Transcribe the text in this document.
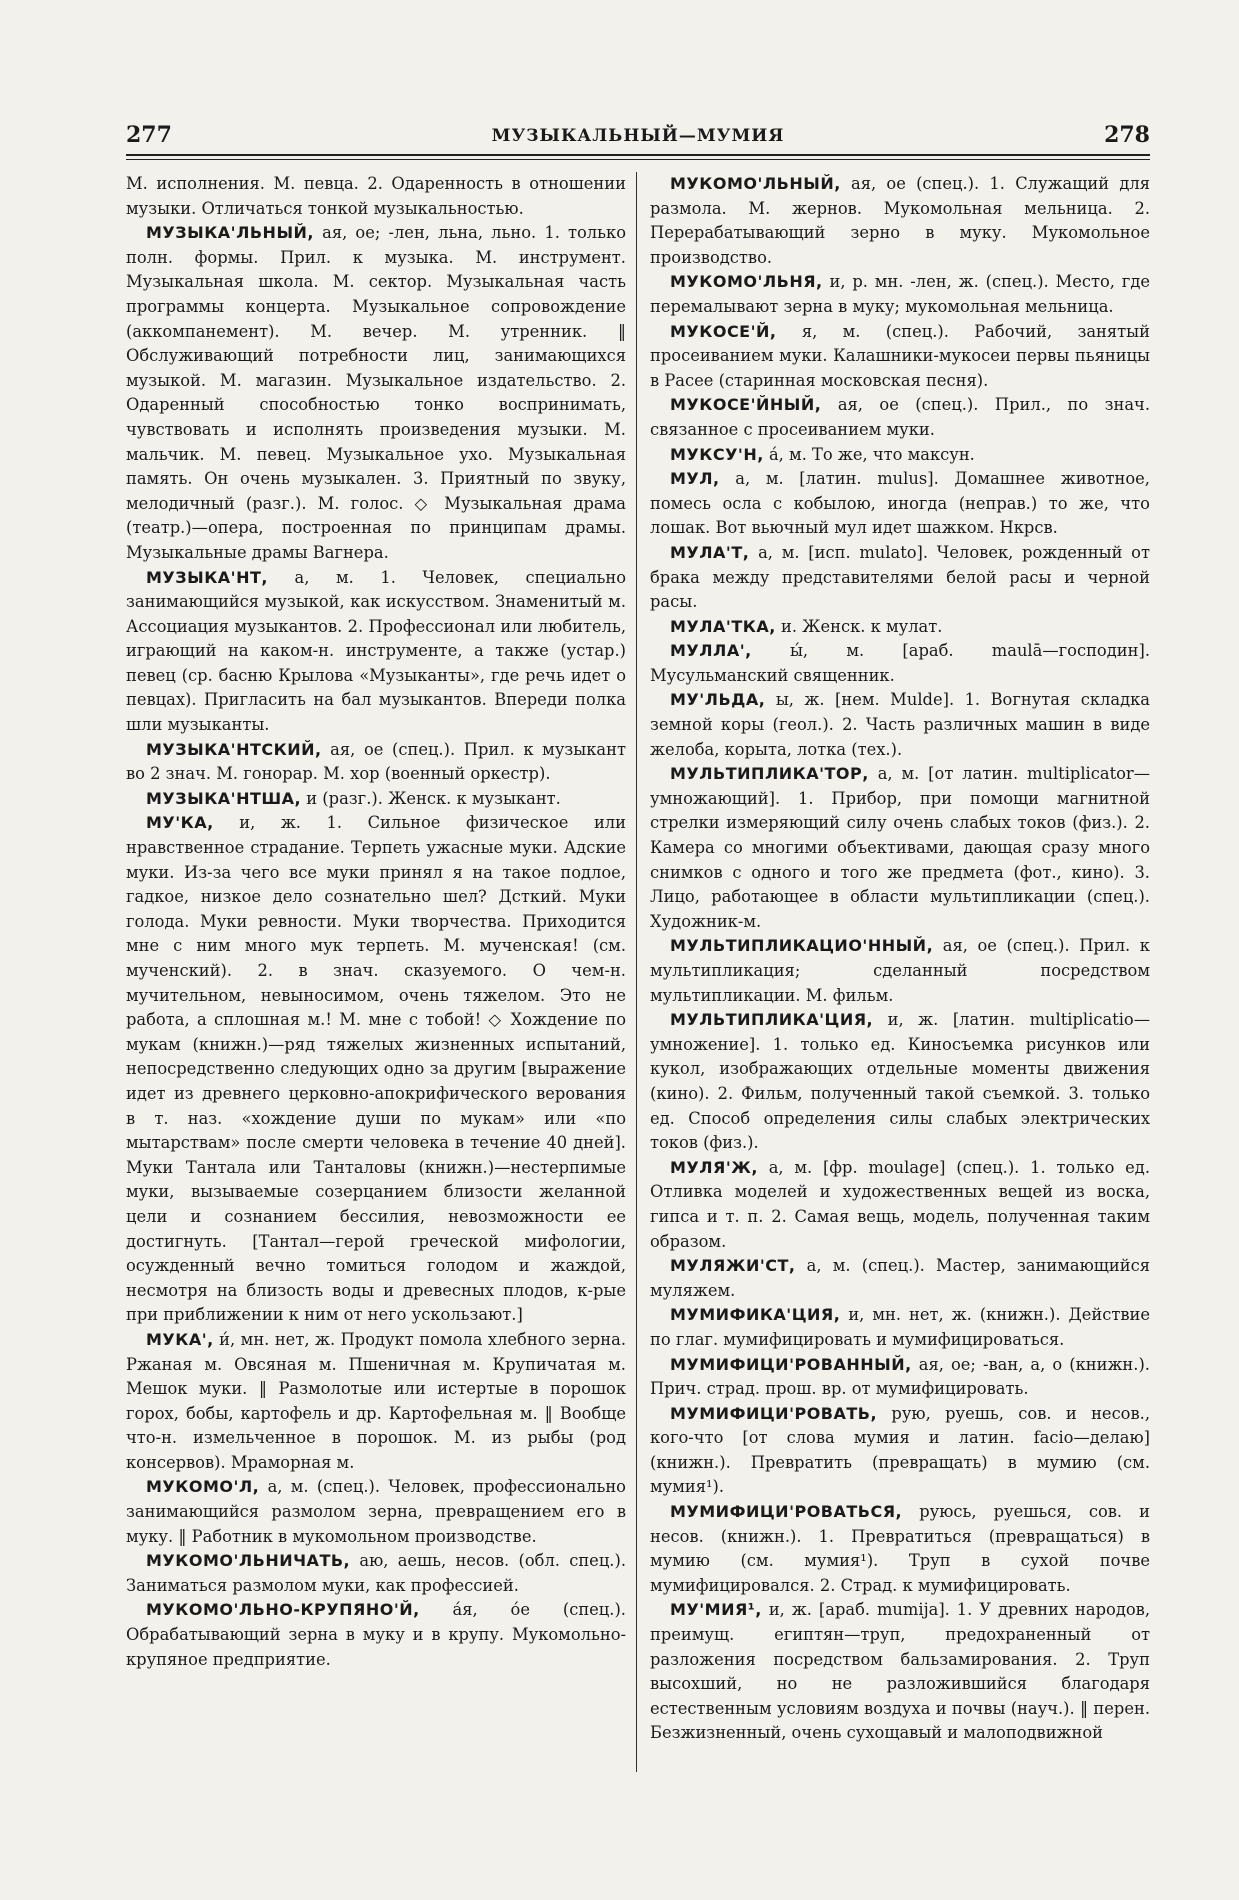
277	МУЗЫКАЛЬНЫЙ—МУМИЯ	278

М. исполнения. М. певца. 2. Одаренность в отношении музыки. Отличаться тонкой музыкальностью.

МУЗЫКА'ЛЬНЫЙ, ая, ое; -лен, льна, льно. 1. только полн. формы. Прил. к музыка. М. инструмент. Музыкальная школа. М. сектор. Музыкальная часть программы концерта. Музыкальное сопровождение (аккомпанемент). М. вечер. М. утренник. ‖ Обслуживающий потребности лиц, занимающихся музыкой. М. магазин. Музыкальное издательство. 2. Одаренный способностью тонко воспринимать, чувствовать и исполнять произведения музыки. М. мальчик. М. певец. Музыкальное ухо. Музыкальная память. Он очень музыкален. 3. Приятный по звуку, мелодичный (разг.). М. голос. ◇ Музыкальная драма (театр.)—опера, построенная по принципам драмы. Музыкальные драмы Вагнера.

МУЗЫКА'НТ, а, м. 1. Человек, специально занимающийся музыкой, как искусством. Знаменитый м. Ассоциация музыкантов. 2. Профессионал или любитель, играющий на каком-н. инструменте, а также (устар.) певец (ср. басню Крылова «Музыканты», где речь идет о певцах). Пригласить на бал музыкантов. Впереди полка шли музыканты.

МУЗЫКА'НТСКИЙ, ая, ое (спец.). Прил. к музыкант во 2 знач. М. гонорар. М. хор (военный оркестр).

МУЗЫКА'НТША, и (разг.). Женск. к музыкант.

МУ'КА, и, ж. 1. Сильное физическое или нравственное страдание. Терпеть ужасные муки. Адские муки. Из-за чего все муки принял я на такое подлое, гадкое, низкое дело сознательно шел? Дсткий. Муки голода. Муки ревности. Муки творчества. Приходится мне с ним много мук терпеть. М. мученская! (см. мученский). 2. в знач. сказуемого. О чем-н. мучительном, невыносимом, очень тяжелом. Это не работа, а сплошная м.! М. мне с тобой! ◇ Хождение по мукам (книжн.)—ряд тяжелых жизненных испытаний, непосредственно следующих одно за другим [выражение идет из древнего церковно-апокрифического верования в т. наз. «хождение души по мукам» или «по мытарствам» после смерти человека в течение 40 дней]. Муки Тантала или Танталовы (книжн.)—нестерпимые муки, вызываемые созерцанием близости желанной цели и сознанием бессилия, невозможности ее достигнуть. [Тантал—герой греческой мифологии, осужденный вечно томиться голодом и жаждой, несмотря на близость воды и древесных плодов, к-рые при приближении к ним от него ускользают.]

МУКА', и́, мн. нет, ж. Продукт помола хлебного зерна. Ржаная м. Овсяная м. Пшеничная м. Крупичатая м. Мешок муки. ‖ Размолотые или истертые в порошок горох, бобы, картофель и др. Картофельная м. ‖ Вообще что-н. измельченное в порошок. М. из рыбы (род консервов). Мраморная м.

МУКОМО'Л, а, м. (спец.). Человек, профессионально занимающийся размолом зерна, превращением его в муку. ‖ Работник в мукомольном производстве.

МУКОМО'ЛЬНИЧАТЬ, аю, аешь, несов. (обл. спец.). Заниматься размолом муки, как профессией.

МУКОМО'ЛЬНО-КРУПЯНО'Й, а́я, о́е (спец.). Обрабатывающий зерна в муку и в крупу. Мукомольно-крупяное предприятие.

МУКОМО'ЛЬНЫЙ, ая, ое (спец.). 1. Служащий для размола. М. жернов. Мукомольная мельница. 2. Перерабатывающий зерно в муку. Мукомольное производство.

МУКОМО'ЛЬНЯ, и, р. мн. -лен, ж. (спец.). Место, где перемалывают зерна в муку; мукомольная мельница.

МУКОСЕ'Й, я, м. (спец.). Рабочий, занятый просеиванием муки. Калашники-мукосеи первы пьяницы в Расее (старинная московская песня).

МУКОСЕ'ЙНЫЙ, ая, ое (спец.). Прил., по знач. связанное с просеиванием муки.

МУКСУ'Н, а́, м. То же, что максун.

МУЛ, а, м. [латин. mulus]. Домашнее животное, помесь осла с кобылою, иногда (неправ.) то же, что лошак. Вот вьючный мул идет шажком. Нкрсв.

МУЛА'Т, а, м. [исп. mulato]. Человек, рожденный от брака между представителями белой расы и черной расы.

МУЛА'ТКА, и. Женск. к мулат.

МУЛЛА', ы́, м. [араб. maulā—господин]. Мусульманский священник.

МУ'ЛЬДА, ы, ж. [нем. Mulde]. 1. Вогнутая складка земной коры (геол.). 2. Часть различных машин в виде желоба, корыта, лотка (тех.).

МУЛЬТИПЛИКА'ТОР, а, м. [от латин. multiplicator—умножающий]. 1. Прибор, при помощи магнитной стрелки измеряющий силу очень слабых токов (физ.). 2. Камера со многими объективами, дающая сразу много снимков с одного и того же предмета (фот., кино). 3. Лицо, работающее в области мультипликации (спец.). Художник-м.

МУЛЬТИПЛИКАЦИО'ННЫЙ, ая, ое (спец.). Прил. к мультипликация; сделанный посредством мультипликации. М. фильм.

МУЛЬТИПЛИКА'ЦИЯ, и, ж. [латин. multiplicatio—умножение]. 1. только ед. Киносъемка рисунков или кукол, изображающих отдельные моменты движения (кино). 2. Фильм, полученный такой съемкой. 3. только ед. Способ определения силы слабых электрических токов (физ.).

МУЛЯ'Ж, а, м. [фр. moulage] (спец.). 1. только ед. Отливка моделей и художественных вещей из воска, гипса и т. п. 2. Самая вещь, модель, полученная таким образом.

МУЛЯЖИ'СТ, а, м. (спец.). Мастер, занимающийся муляжем.

МУМИФИКА'ЦИЯ, и, мн. нет, ж. (книжн.). Действие по глаг. мумифицировать и мумифицироваться.

МУМИФИЦИ'РОВАННЫЙ, ая, ое; -ван, а, о (книжн.). Прич. страд. прош. вр. от мумифицировать.

МУМИФИЦИ'РОВАТЬ, рую, руешь, сов. и несов., кого-что [от слова мумия и латин. facio—делаю] (книжн.). Превратить (превращать) в мумию (см. мумия¹).

МУМИФИЦИ'РОВАТЬСЯ, руюсь, руешься, сов. и несов. (книжн.). 1. Превратиться (превращаться) в мумию (см. мумия¹). Труп в сухой почве мумифицировался. 2. Страд. к мумифицировать.

МУ'МИЯ¹, и, ж. [араб. mumija]. 1. У древних народов, преимущ. египтян—труп, предохраненный от разложения посредством бальзамирования. 2. Труп высохший, но не разложившийся благодаря естественным условиям воздуха и почвы (науч.). ‖ перен. Безжизненный, очень сухощавый и малоподвижной
